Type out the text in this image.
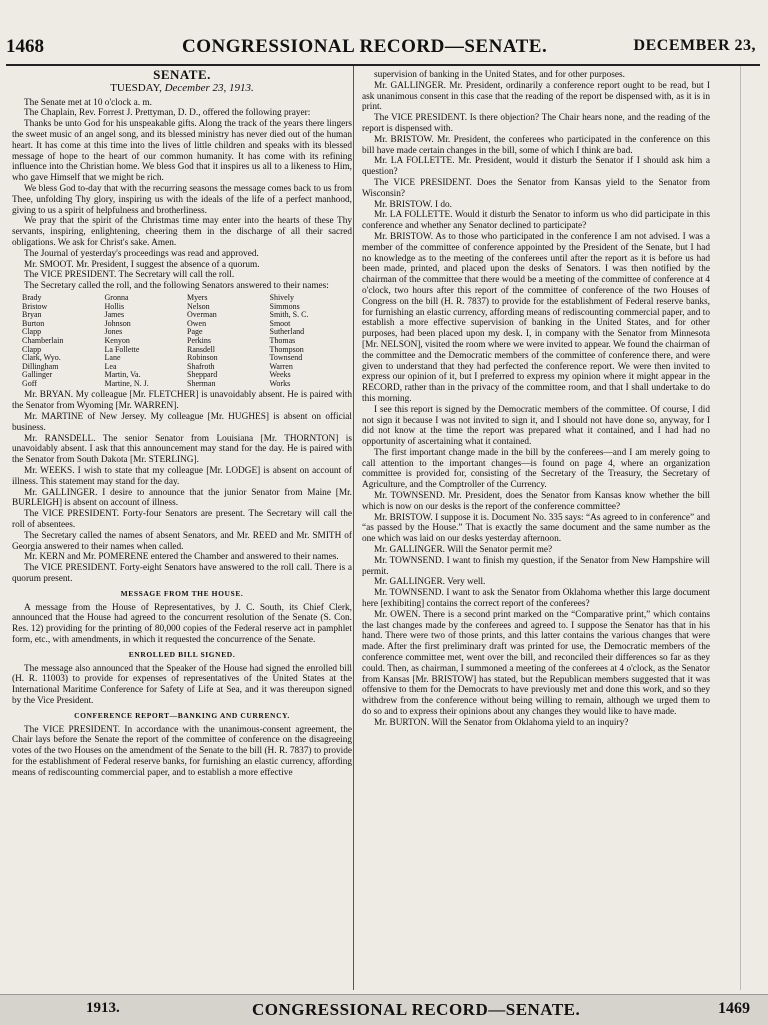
1468	CONGRESSIONAL RECORD—SENATE.	DECEMBER 23,
SENATE.
TUESDAY, December 23, 1913.

The Senate met at 10 o'clock a. m.

The Chaplain, Rev. Forrest J. Prettyman, D. D., offered the following prayer:

Thanks be unto God for his unspeakable gifts. Along the track of the years there lingers the sweet music of an angel song, and its blessed ministry has never died out of the human heart. It has come at this time into the lives of little children and speaks with its blessed message of hope to the heart of our common humanity. It has come with its refining influence into the Christian home. We bless God that it inspires us all to a likeness to Him, who gave Himself that we might be rich.

We bless God to-day that with the recurring seasons the message comes back to us from Thee, unfolding Thy glory, inspiring us with the ideals of the life of a perfect manhood, giving to us a spirit of helpfulness and brotherliness.

We pray that the spirit of the Christmas time may enter into the hearts of these Thy servants, inspiring, enlightening, cheering them in the discharge of all their sacred obligations. We ask for Christ's sake. Amen.

The Journal of yesterday's proceedings was read and approved.

Mr. SMOOT. Mr. President, I suggest the absence of a quorum.

The VICE PRESIDENT. The Secretary will call the roll.

The Secretary called the roll, and the following Senators answered to their names:

Brady	Gronna	Myers	Shively
Bristow	Hollis	Nelson	Simmons
Bryan	James	Overman	Smith, S. C.
Burton	Johnson	Owen	Smoot
Clapp	Jones	Page	Sutherland
Chamberlain	Kenyon	Perkins	Thomas
Clapp	La Follette	Ransdell	Thompson
Clark, Wyo.	Lane	Robinson	Townsend
Dillingham	Lea	Shafroth	Warren
Gallinger	Martin, Va.	Sheppard	Weeks
Goff	Martine, N. J.	Sherman	Works

Mr. BRYAN. My colleague [Mr. FLETCHER] is unavoidably absent. He is paired with the Senator from Wyoming [Mr. WARREN].

Mr. MARTINE of New Jersey. My colleague [Mr. HUGHES] is absent on official business.

Mr. RANSDELL. The senior Senator from Louisiana [Mr. THORNTON] is unavoidably absent. I ask that this announcement may stand for the day. He is paired with the Senator from South Dakota [Mr. STERLING].

Mr. WEEKS. I wish to state that my colleague [Mr. LODGE] is absent on account of illness. This statement may stand for the day.

Mr. GALLINGER. I desire to announce that the junior Senator from Maine [Mr. BURLEIGH] is absent on account of illness.

The VICE PRESIDENT. Forty-four Senators are present. The Secretary will call the roll of absentees.

The Secretary called the names of absent Senators, and Mr. REED and Mr. SMITH of Georgia answered to their names when called.

Mr. KERN and Mr. POMERENE entered the Chamber and answered to their names.

The VICE PRESIDENT. Forty-eight Senators have answered to the roll call. There is a quorum present.

MESSAGE FROM THE HOUSE.

A message from the House of Representatives, by J. C. South, its Chief Clerk, announced that the House had agreed to the concurrent resolution of the Senate (S. Con. Res. 12) providing for the printing of 80,000 copies of the Federal reserve act in pamphlet form, etc., with amendments, in which it requested the concurrence of the Senate.

ENROLLED BILL SIGNED.

The message also announced that the Speaker of the House had signed the enrolled bill (H. R. 11003) to provide for expenses of representatives of the United States at the International Maritime Conference for Safety of Life at Sea, and it was thereupon signed by the Vice President.

CONFERENCE REPORT—BANKING AND CURRENCY.

The VICE PRESIDENT. In accordance with the unanimous-consent agreement, the Chair lays before the Senate the report of the committee of conference on the disagreeing votes of the two Houses on the amendment of the Senate to the bill (H. R. 7837) to provide for the establishment of Federal reserve banks, for furnishing an elastic currency, affording means of rediscounting commercial paper, and to establish a more effective

supervision of banking in the United States, and for other purposes.

Mr. GALLINGER. Mr. President, ordinarily a conference report ought to be read, but I ask unanimous consent in this case that the reading of the report be dispensed with, as it is in print.

The VICE PRESIDENT. Is there objection? The Chair hears none, and the reading of the report is dispensed with.

Mr. BRISTOW. Mr. President, the conferees who participated in the conference on this bill have made certain changes in the bill, some of which I think are bad.

Mr. LA FOLLETTE. Mr. President, would it disturb the Senator if I should ask him a question?

The VICE PRESIDENT. Does the Senator from Kansas yield to the Senator from Wisconsin?

Mr. BRISTOW. I do.

Mr. LA FOLLETTE. Would it disturb the Senator to inform us who did participate in this conference and whether any Senator declined to participate?

Mr. BRISTOW. As to those who participated in the conference I am not advised. I was a member of the committee of conference appointed by the President of the Senate, but I had no knowledge as to the meeting of the conferees until after the report as it is before us had been made, printed, and placed upon the desks of Senators. I was then notified by the chairman of the committee that there would be a meeting of the committee of conference at 4 o'clock, two hours after this report of the committee of conference of the two Houses of Congress on the bill (H. R. 7837) to provide for the establishment of Federal reserve banks, for furnishing an elastic currency, affording means of rediscounting commercial paper, and to establish a more effective supervision of banking in the United States, and for other purposes, had been placed upon my desk. I, in company with the Senator from Minnesota [Mr. NELSON], visited the room where we were invited to appear. We found the chairman of the committee and the Democratic members of the committee of conference there, and were given to understand that they had perfected the conference report. We were then invited to express our opinion of it, but I preferred to express my opinion where it might appear in the RECORD, rather than in the privacy of the committee room, and that I shall undertake to do this morning.

I see this report is signed by the Democratic members of the committee. Of course, I did not sign it because I was not invited to sign it, and I should not have done so, anyway, for I did not know at the time the report was prepared what it contained, and I had had no opportunity of ascertaining what it contained.

The first important change made in the bill by the conferees—and I am merely going to call attention to the important changes—is found on page 4, where an organization committee is provided for, consisting of the Secretary of the Treasury, the Secretary of Agriculture, and the Comptroller of the Currency.

Mr. TOWNSEND. Mr. President, does the Senator from Kansas know whether the bill which is now on our desks is the report of the conference committee?

Mr. BRISTOW. I suppose it is. Document No. 335 says: “As agreed to in conference” and “as passed by the House.” That is exactly the same document and the same number as the one which was laid on our desks yesterday afternoon.

Mr. GALLINGER. Will the Senator permit me?

Mr. TOWNSEND. I want to finish my question, if the Senator from New Hampshire will permit.

Mr. GALLINGER. Very well.

Mr. TOWNSEND. I want to ask the Senator from Oklahoma whether this large document here [exhibiting] contains the correct report of the conferees?

Mr. OWEN. There is a second print marked on the “Comparative print,” which contains the last changes made by the conferees and agreed to. I suppose the Senator has that in his hand. There were two of those prints, and this latter contains the various changes that were made. After the first preliminary draft was printed for use, the Democratic members of the conference committee met, went over the bill, and reconciled their differences so far as they could. Then, as chairman, I summoned a meeting of the conferees at 4 o'clock, as the Senator from Kansas [Mr. BRISTOW] has stated, but the Republican members suggested that it was offensive to them for the Democrats to have previously met and done this work, and so they withdrew from the conference without being willing to remain, although we urged them to do so and to express their opinions about any changes they would like to have made.

Mr. BURTON. Will the Senator from Oklahoma yield to an inquiry?

1913.	CONGRESSIONAL RECORD—SENATE.	1469
